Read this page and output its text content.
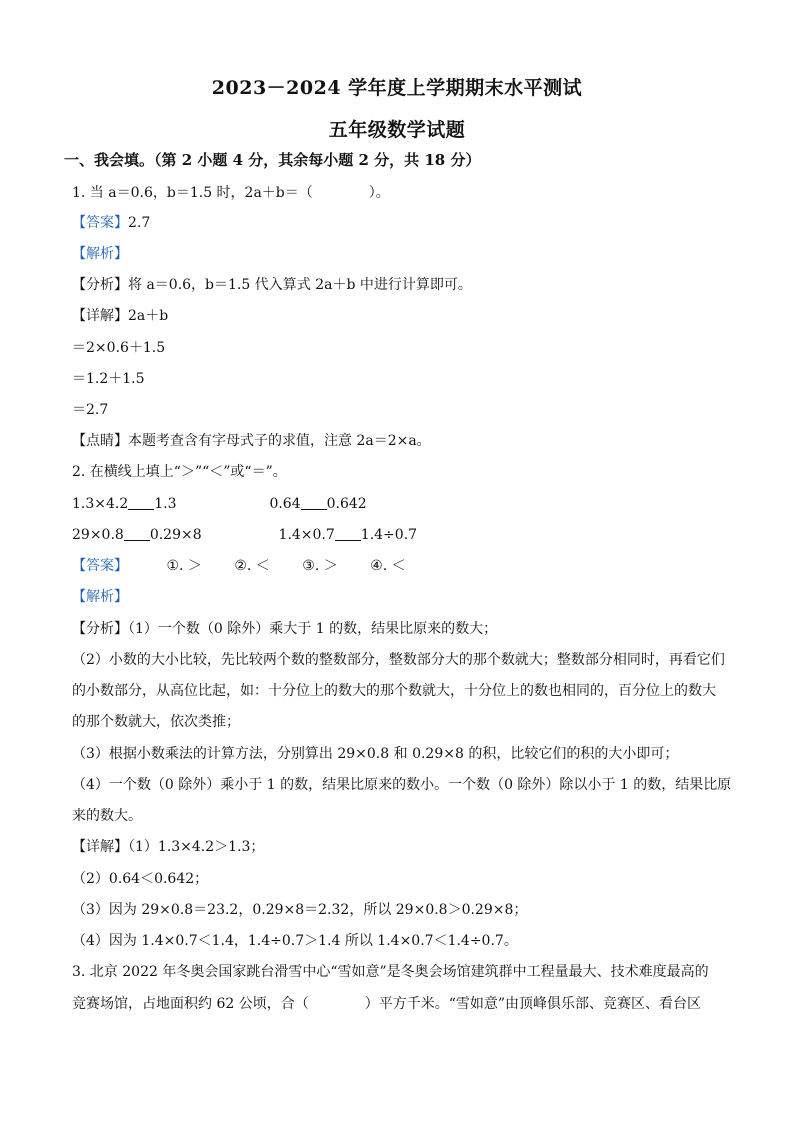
2023－2024 学年度上学期期末水平测试
五年级数学试题
一、我会填。（第 2 小题 4 分，其余每小题 2 分，共 18 分）
1. 当 a＝0.6，b＝1.5 时，2a＋b＝（　　　　）。
【答案】2.7
【解析】
【分析】将 a＝0.6，b＝1.5 代入算式 2a＋b 中进行计算即可。
【详解】2a＋b
＝2×0.6＋1.5
＝1.2＋1.5
＝2.7
【点睛】本题考查含有字母式子的求值，注意 2a＝2×a。
2. 在横线上填上“＞”“＜”或“＝”。
1.3×4.2 1.3	0.64 0.642
29×0.8 0.29×8	1.4×0.7 1.4÷0.7
【答案】	①. ＞ ②. ＜ ③. ＞ ④. ＜
【解析】
【分析】（1）一个数（0 除外）乘大于 1 的数，结果比原来的数大；
（2）小数的大小比较，先比较两个数的整数部分，整数部分大的那个数就大；整数部分相同时，再看它们
的小数部分，从高位比起，如：十分位上的数大的那个数就大，十分位上的数也相同的，百分位上的数大
的那个数就大，依次类推；
（3）根据小数乘法的计算方法，分别算出 29×0.8 和 0.29×8 的积，比较它们的积的大小即可；
（4）一个数（0 除外）乘小于 1 的数，结果比原来的数小。一个数（0 除外）除以小于 1 的数，结果比原
来的数大。
【详解】（1）1.3×4.2＞1.3；
（2）0.64＜0.642；
（3）因为 29×0.8＝23.2，0.29×8＝2.32，所以 29×0.8＞0.29×8；
（4）因为 1.4×0.7＜1.4，1.4÷0.7＞1.4 所以 1.4×0.7＜1.4÷0.7。
3. 北京 2022 年冬奥会国家跳台滑雪中心“雪如意”是冬奥会场馆建筑群中工程量最大、技术难度最高的
竞赛场馆，占地面积约 62 公顷，合（　　　　）平方千米。“雪如意”由顶峰俱乐部、竞赛区、看台区
